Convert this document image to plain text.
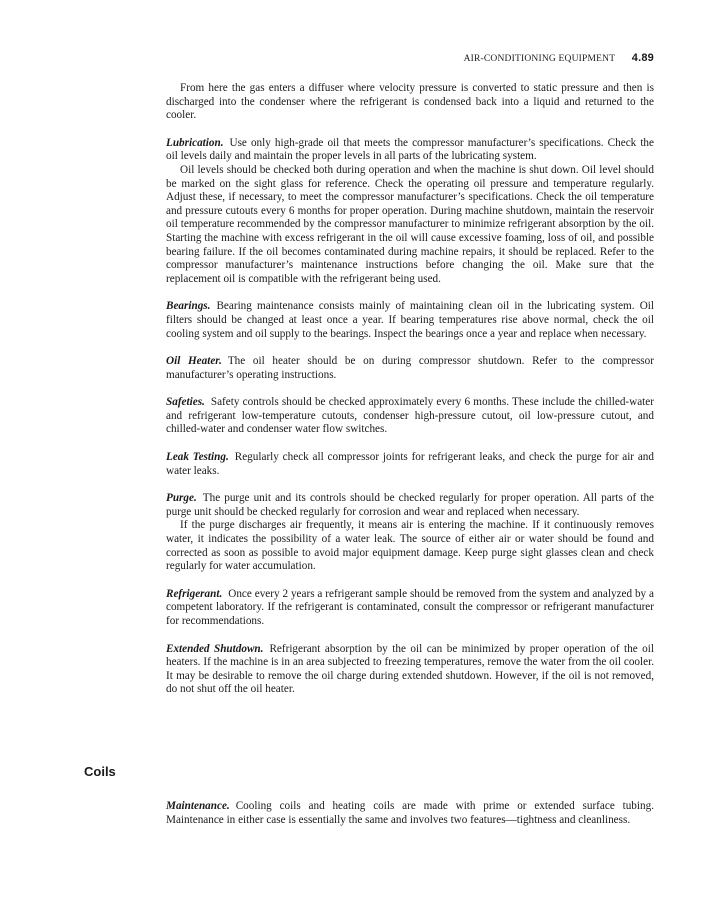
AIR-CONDITIONING EQUIPMENT 4.89

From here the gas enters a diffuser where velocity pressure is converted to static pressure and then is discharged into the condenser where the refrigerant is condensed back into a liquid and returned to the cooler.

Lubrication. Use only high-grade oil that meets the compressor manufacturer’s specifications. Check the oil levels daily and maintain the proper levels in all parts of the lubricating system.

Oil levels should be checked both during operation and when the machine is shut down. Oil level should be marked on the sight glass for reference. Check the operating oil pressure and temperature regularly. Adjust these, if necessary, to meet the compressor manufacturer’s specifications. Check the oil temperature and pressure cutouts every 6 months for proper operation. During machine shutdown, maintain the reservoir oil temperature recommended by the compressor manufacturer to minimize refrigerant absorption by the oil. Starting the machine with excess refrigerant in the oil will cause excessive foaming, loss of oil, and possible bearing failure. If the oil becomes contaminated during machine repairs, it should be replaced. Refer to the compressor manufacturer’s maintenance instructions before changing the oil. Make sure that the replacement oil is compatible with the refrigerant being used.

Bearings. Bearing maintenance consists mainly of maintaining clean oil in the lubricating system. Oil filters should be changed at least once a year. If bearing temperatures rise above normal, check the oil cooling system and oil supply to the bearings. Inspect the bearings once a year and replace when necessary.

Oil Heater. The oil heater should be on during compressor shutdown. Refer to the compressor manufacturer’s operating instructions.

Safeties. Safety controls should be checked approximately every 6 months. These include the chilled-water and refrigerant low-temperature cutouts, condenser high-pressure cutout, oil low-pressure cutout, and chilled-water and condenser water flow switches.

Leak Testing. Regularly check all compressor joints for refrigerant leaks, and check the purge for air and water leaks.

Purge. The purge unit and its controls should be checked regularly for proper operation. All parts of the purge unit should be checked regularly for corrosion and wear and replaced when necessary.

If the purge discharges air frequently, it means air is entering the machine. If it continuously removes water, it indicates the possibility of a water leak. The source of either air or water should be found and corrected as soon as possible to avoid major equipment damage. Keep purge sight glasses clean and check regularly for water accumulation.

Refrigerant. Once every 2 years a refrigerant sample should be removed from the system and analyzed by a competent laboratory. If the refrigerant is contaminated, consult the compressor or refrigerant manufacturer for recommendations.

Extended Shutdown. Refrigerant absorption by the oil can be minimized by proper operation of the oil heaters. If the machine is in an area subjected to freezing temperatures, remove the water from the oil cooler. It may be desirable to remove the oil charge during extended shutdown. However, if the oil is not removed, do not shut off the oil heater.

Coils

Maintenance. Cooling coils and heating coils are made with prime or extended surface tubing. Maintenance in either case is essentially the same and involves two features—tightness and cleanliness.
